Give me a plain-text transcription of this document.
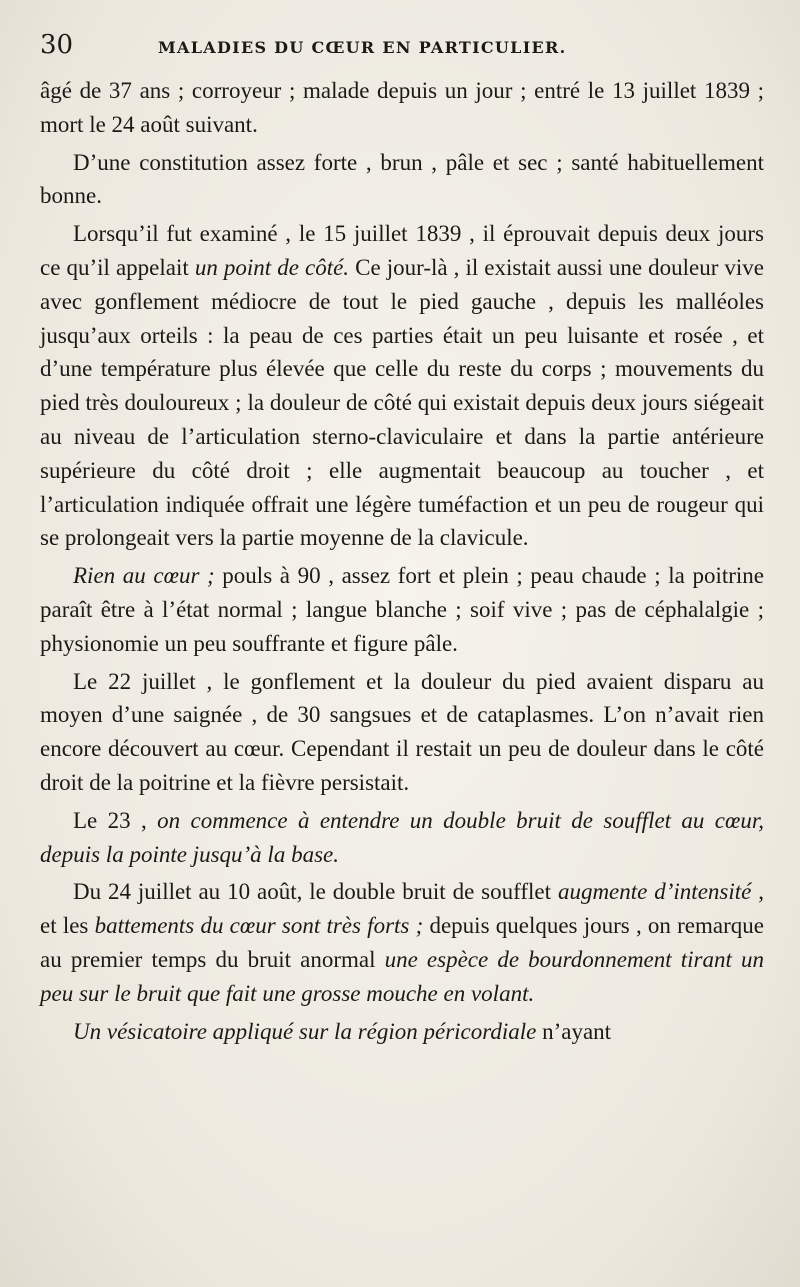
30	MALADIES DU CŒUR EN PARTICULIER.

âgé de 37 ans ; corroyeur ; malade depuis un jour ; entré le 13 juillet 1839 ; mort le 24 août suivant.

D’une constitution assez forte , brun , pâle et sec ; santé habituellement bonne.

Lorsqu’il fut examiné , le 15 juillet 1839 , il éprouvait depuis deux jours ce qu’il appelait un point de côté. Ce jour-là , il existait aussi une douleur vive avec gonflement médiocre de tout le pied gauche , depuis les malléoles jusqu’aux orteils : la peau de ces parties était un peu luisante et rosée , et d’une température plus élevée que celle du reste du corps ; mouvements du pied très douloureux ; la douleur de côté qui existait depuis deux jours siégeait au niveau de l’articulation sterno-claviculaire et dans la partie antérieure supérieure du côté droit ; elle augmentait beaucoup au toucher , et l’articulation indiquée offrait une légère tuméfaction et un peu de rougeur qui se prolongeait vers la partie moyenne de la clavicule.

Rien au cœur ; pouls à 90 , assez fort et plein ; peau chaude ; la poitrine paraît être à l’état normal ; langue blanche ; soif vive ; pas de céphalalgie ; physionomie un peu souffrante et figure pâle.

Le 22 juillet , le gonflement et la douleur du pied avaient disparu au moyen d’une saignée , de 30 sangsues et de cataplasmes. L’on n’avait rien encore découvert au cœur. Cependant il restait un peu de douleur dans le côté droit de la poitrine et la fièvre persistait.

Le 23 , on commence à entendre un double bruit de soufflet au cœur, depuis la pointe jusqu’à la base.

Du 24 juillet au 10 août, le double bruit de soufflet augmente d’intensité , et les battements du cœur sont très forts ; depuis quelques jours , on remarque au premier temps du bruit anormal une espèce de bourdonnement tirant un peu sur le bruit que fait une grosse mouche en volant.

Un vésicatoire appliqué sur la région péricordiale n’ayant
